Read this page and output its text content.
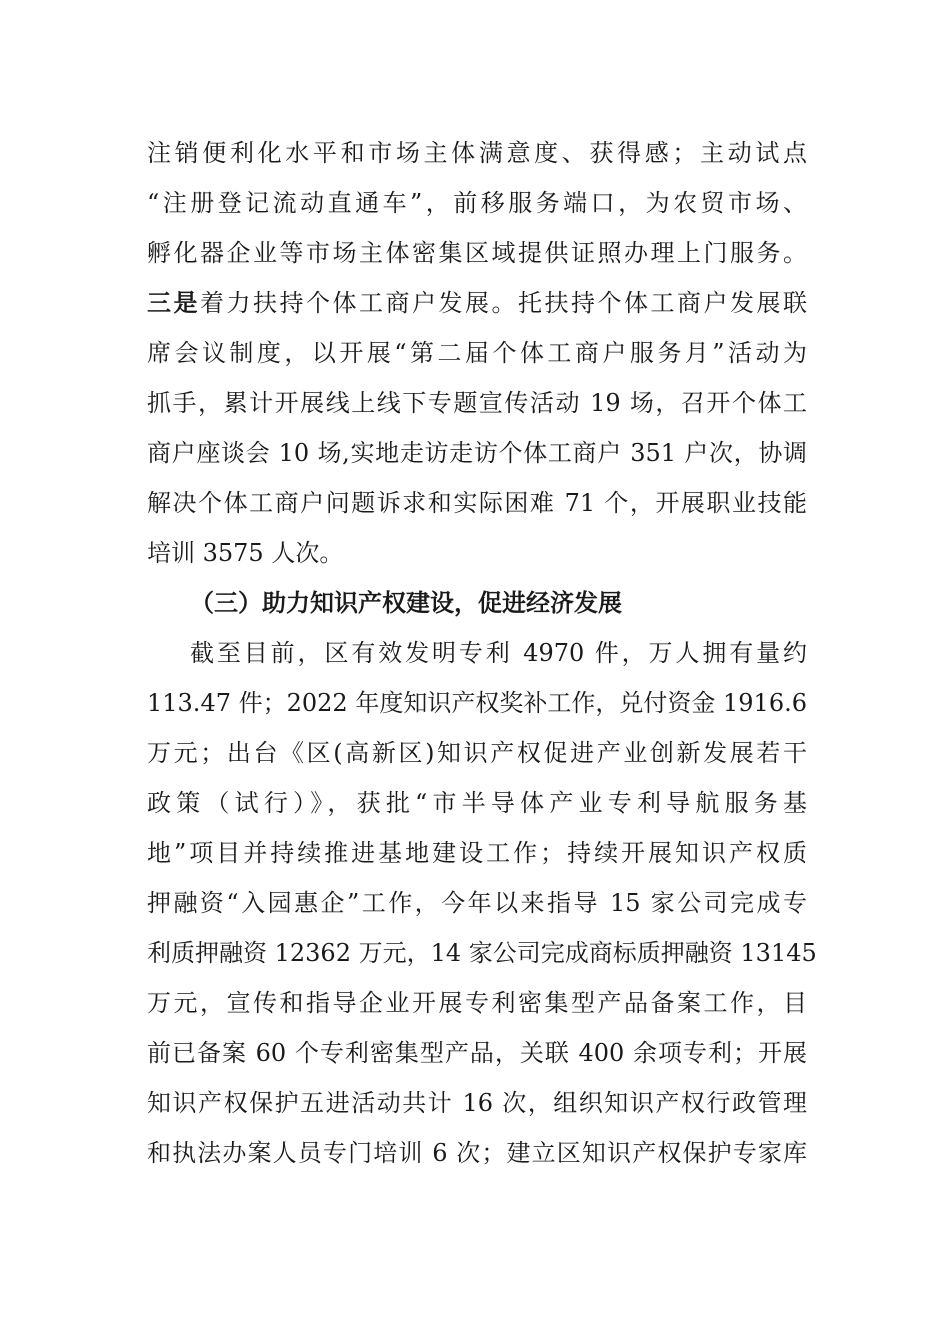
注销便利化水平和市场主体满意度、获得感；主动试点
“注册登记流动直通车”，前移服务端口，为农贸市场、
孵化器企业等市场主体密集区域提供证照办理上门服务。
三是着力扶持个体工商户发展。托扶持个体工商户发展联
席会议制度，以开展“第二届个体工商户服务月”活动为
抓手，累计开展线上线下专题宣传活动 19 场，召开个体工
商户座谈会 10 场,实地走访走访个体工商户 351 户次，协调
解决个体工商户问题诉求和实际困难 71 个，开展职业技能
培训 3575 人次。
（三）助力知识产权建设，促进经济发展
截至目前，区有效发明专利 4970 件，万人拥有量约
113.47 件；2022 年度知识产权奖补工作，兑付资金 1916.6
万元；出台《区(高新区)知识产权促进产业创新发展若干
政策（试行）》，获批“市半导体产业专利导航服务基
地”项目并持续推进基地建设工作；持续开展知识产权质
押融资“入园惠企”工作，今年以来指导 15 家公司完成专
利质押融资 12362 万元，14 家公司完成商标质押融资 13145
万元，宣传和指导企业开展专利密集型产品备案工作，目
前已备案 60 个专利密集型产品，关联 400 余项专利；开展
知识产权保护五进活动共计 16 次，组织知识产权行政管理
和执法办案人员专门培训 6 次；建立区知识产权保护专家库
